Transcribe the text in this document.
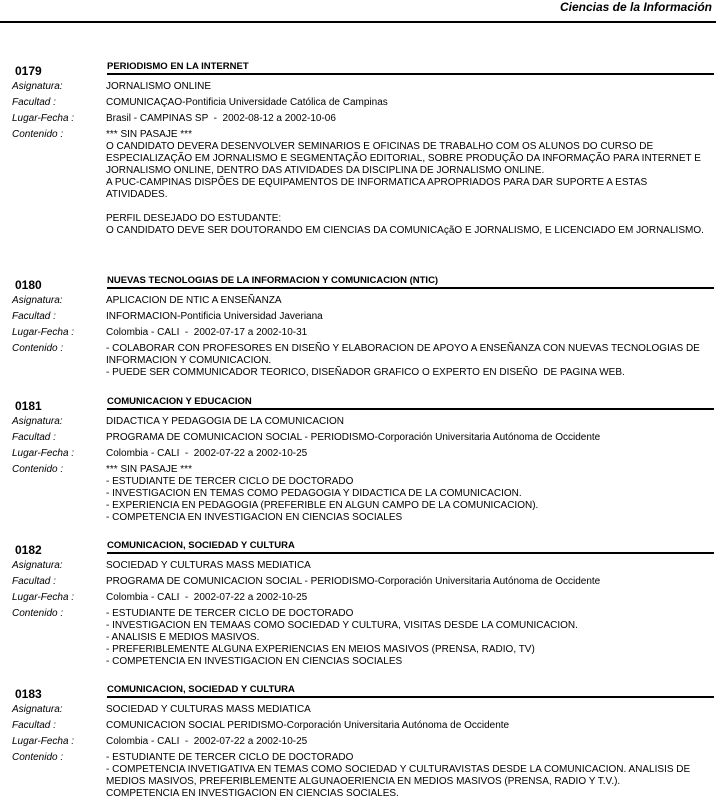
Ciencias de la Información
0179	PERIODISMO EN LA INTERNET
Asignatura:	JORNALISMO ONLINE
Facultad :	COMUNICAÇAO-Pontificia Universidade Católica de Campinas
Lugar-Fecha :	Brasil - CAMPINAS SP  -  2002-08-12 a 2002-10-06
Contenido :	*** SIN PASAJE ***
O CANDIDATO DEVERA DESENVOLVER SEMINARIOS E OFICINAS DE TRABALHO COM OS ALUNOS DO CURSO DE ESPECIALIZAÇÃO EM JORNALISMO E SEGMENTAÇÃO EDITORIAL, SOBRE PRODUÇÃO DA INFORMAÇÃO PARA INTERNET E JORNALISMO ONLINE, DENTRO DAS ATIVIDADES DA DISCIPLINA DE JORNALISMO ONLINE.
A PUC-CAMPINAS DISPÕES DE EQUIPAMENTOS DE INFORMATICA APROPRIADOS PARA DAR SUPORTE A ESTAS ATIVIDADES.

PERFIL DESEJADO DO ESTUDANTE:
O CANDIDATO DEVE SER DOUTORANDO EM CIENCIAS DA COMUNICAçãO E JORNALISMO, E LICENCIADO EM JORNALISMO.
0180	NUEVAS TECNOLOGIAS DE LA INFORMACION Y COMUNICACION (NTIC)
Asignatura:	APLICACION DE NTIC A ENSEÑANZA
Facultad :	INFORMACION-Pontificia Universidad Javeriana
Lugar-Fecha :	Colombia - CALI  -  2002-07-17 a 2002-10-31
Contenido :	- COLABORAR CON PROFESORES EN DISEÑO Y ELABORACION DE APOYO A ENSEÑANZA CON NUEVAS TECNOLOGIAS DE INFORMACION Y COMUNICACION.
- PUEDE SER COMMUNICADOR TEORICO, DISEÑADOR GRAFICO O EXPERTO EN DISEÑO  DE PAGINA WEB.
0181	COMUNICACION Y EDUCACION
Asignatura:	DIDACTICA Y PEDAGOGIA DE LA COMUNICACION
Facultad :	PROGRAMA DE COMUNICACION SOCIAL - PERIODISMO-Corporación Universitaria Autónoma de Occidente
Lugar-Fecha :	Colombia - CALI  -  2002-07-22 a 2002-10-25
Contenido :	*** SIN PASAJE ***
- ESTUDIANTE DE TERCER CICLO DE DOCTORADO
- INVESTIGACION EN TEMAS COMO PEDAGOGIA Y DIDACTICA DE LA COMUNICACION.
- EXPERIENCIA EN PEDAGOGIA (PREFERIBLE EN ALGUN CAMPO DE LA COMUNICACION).
- COMPETENCIA EN INVESTIGACION EN CIENCIAS SOCIALES
0182	COMUNICACION, SOCIEDAD Y CULTURA
Asignatura:	SOCIEDAD Y CULTURAS MASS MEDIATICA
Facultad :	PROGRAMA DE COMUNICACION SOCIAL - PERIODISMO-Corporación Universitaria Autónoma de Occidente
Lugar-Fecha :	Colombia - CALI  -  2002-07-22 a 2002-10-25
Contenido :	- ESTUDIANTE DE TERCER CICLO DE DOCTORADO
- INVESTIGACION EN TEMAAS COMO SOCIEDAD Y CULTURA, VISITAS DESDE LA COMUNICACION.
- ANALISIS E MEDIOS MASIVOS.
- PREFERIBLEMENTE ALGUNA EXPERIENCIAS EN MEIOS MASIVOS (PRENSA, RADIO, TV)
- COMPETENCIA EN INVESTIGACION EN CIENCIAS SOCIALES
0183	COMUNICACION, SOCIEDAD Y CULTURA
Asignatura:	SOCIEDAD Y CULTURAS MASS MEDIATICA
Facultad :	COMUNICACION SOCIAL PERIDISMO-Corporación Universitaria Autónoma de Occidente
Lugar-Fecha :	Colombia - CALI  -  2002-07-22 a 2002-10-25
Contenido :	- ESTUDIANTE DE TERCER CICLO DE DOCTORADO
- COMPETENCIA INVETIGATIVA EN TEMAS COMO SOCIEDAD Y CULTURAVISTAS DESDE LA COMUNICACION. ANALISIS DE MEDIOS MASIVOS, PREFERIBLEMENTE ALGUNAOERIENCIA EN MEDIOS MASIVOS (PRENSA, RADIO Y T.V.).
COMPETENCIA EN INVESTIGACION EN CIENCIAS SOCIALES.
